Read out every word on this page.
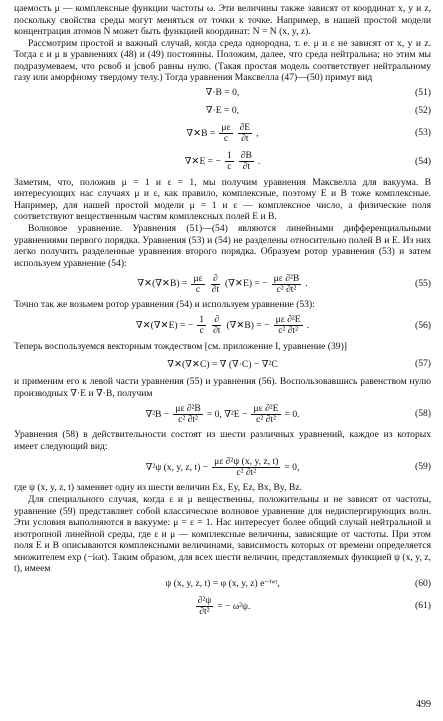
цаемость μ — комплексные функции частоты ω. Эти величины также зависят от координат x, y и z, поскольку свойства среды могут меняться от точки к точке. Например, в нашей простой модели концентрация атомов N может быть функцией координат: N = N (x, y, z).

Рассмотрим простой и важный случай, когда среда однородна, т. е. μ и ε не зависят от x, y и z. Тогда ε и μ в уравнениях (48) и (49) постоянны. Положим, далее, что среда нейтральна; но этим мы подразумеваем, что ρсвоб и jсвоб равны нулю. (Такая простая модель соответствует нейтральному газу или аморфному твердому телу.) Тогда уравнения Максвелла (47)—(50) примут вид

∇·B = 0,	(51)
∇·E = 0,	(52)
∇✕B = $\frac{\mu\varepsilon}{c} \frac{\partial E}{\partial t}$ ,	(53)
∇✕E = − $\frac{1}{c} \frac{\partial B}{\partial t}$ .	(54)

Заметим, что, положив μ = 1 и ε = 1, мы получим уравнения Максвелла для вакуума. В интересующих нас случаях μ и ε, как правило, комплексные, поэтому E и B тоже комплексные. Например, для нашей простой модели μ = 1 и ε — комплексное число, а физические поля соответствуют вещественным частям комплексных полей E и B.

Волновое уравнение. Уравнения (51)—(54) являются линейными дифференциальными уравнениями первого порядка. Уравнения (53) и (54) не разделены относительно полей B и E. Из них легко получить разделенные уравнения второго порядка. Образуем ротор уравнения (53) и затем используем уравнение (54):

∇✕(∇✕B) = $\frac{\mu\varepsilon}{c} \frac{\partial}{\partial t}$ (∇✕E) = − $\frac{\text{με ∂²B}}{\text{c² ∂t²}}$ .	(55)

Точно так же возьмем ротор уравнения (54) и используем уравнение (53):

∇✕(∇✕E) = − $\frac{1}{c} \frac{\partial}{\partial t}$ (∇✕B) = − $\frac{\text{με ∂²E}}{\text{c² ∂t²}}$ .	(56)

Теперь воспользуемся векторным тождеством [см. приложение I, уравнение (39)]

∇✕(∇✕C) = ∇ (∇·C) − ∇²C	(57)

и применим его к левой части уравнения (55) и уравнения (56). Воспользовавшись равенством нулю производных ∇·E и ∇·B, получим

$\nabla^2B - \frac{\text{με ∂²B}}{\text{c² ∂t²}} = 0$, $\nabla^2E - \frac{\text{με ∂²E}}{\text{c² ∂t²}} = 0$.	(58)

Уравнения (58) в действительности состоят из шести различных уравнений, каждое из которых имеет следующий вид:

∇²ψ (x, y, z, $t) - \frac{\text{με ∂²ψ (x, y, z, t)}}{\text{c² ∂t²}} = 0$,	(59)

где ψ (x, y, z, t) заменяет одну из шести величин Ex, Ey, Ez, Bx, By, Bz.

Для специального случая, когда ε и μ вещественны, положительны и не зависят от частоты, уравнение (59) представляет собой классическое волновое уравнение для недиспергирующих волн. Эти условия выполняются в вакууме: μ = ε = 1. Нас интересует более общий случай нейтральной и изотропной линейной среды, где ε и μ — комплексные величины, зависящие от частоты. При этом поля E и B описываются комплексными величинами, зависимость которых от времени определяется множителем exp (−iωt). Таким образом, для всех шести величин, представляемых функцией ψ (x, y, z, t), имеем

ψ (x, y, z, t) = φ (x, y, z) e⁻ⁱʷᵗ,	(60)
$\frac{\text{∂²ψ}}{\text{∂t²}}$ = − ω²ψ.	(61)
499
